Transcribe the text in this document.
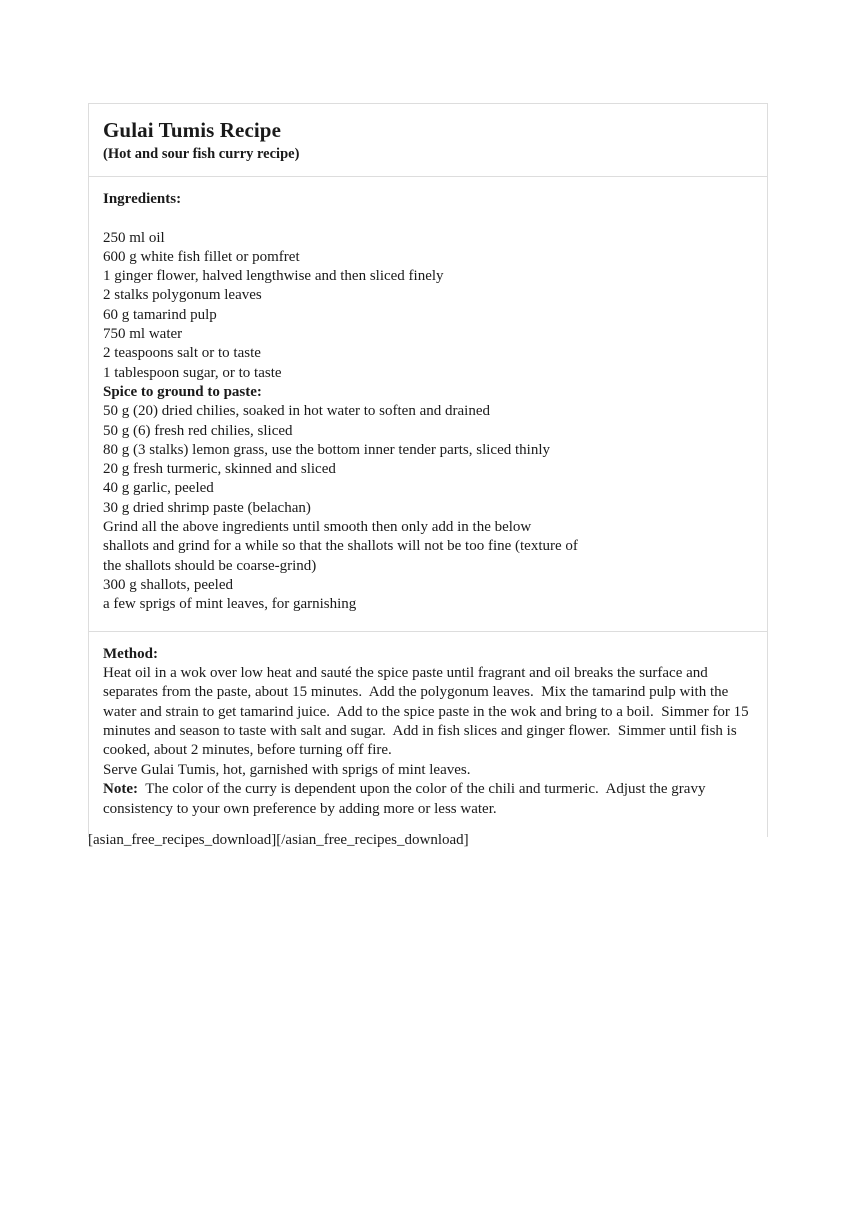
Gulai Tumis Recipe
(Hot and sour fish curry recipe)
Ingredients:
250 ml oil
600 g white fish fillet or pomfret
1 ginger flower, halved lengthwise and then sliced finely
2 stalks polygonum leaves
60 g tamarind pulp
750 ml water
2 teaspoons salt or to taste
1 tablespoon sugar, or to taste
Spice to ground to paste:
50 g (20) dried chilies, soaked in hot water to soften and drained
50 g (6) fresh red chilies, sliced
80 g (3 stalks) lemon grass, use the bottom inner tender parts, sliced thinly
20 g fresh turmeric, skinned and sliced
40 g garlic, peeled
30 g dried shrimp paste (belachan)
Grind all the above ingredients until smooth then only add in the below
shallots and grind for a while so that the shallots will not be too fine (texture of
the shallots should be coarse-grind)
300 g shallots, peeled
a few sprigs of mint leaves, for garnishing
Method:
Heat oil in a wok over low heat and sauté the spice paste until fragrant and oil breaks the surface and separates from the paste, about 15 minutes.  Add the polygonum leaves.  Mix the tamarind pulp with the water and strain to get tamarind juice.  Add to the spice paste in the wok and bring to a boil.  Simmer for 15 minutes and season to taste with salt and sugar.  Add in fish slices and ginger flower.  Simmer until fish is cooked, about 2 minutes, before turning off fire.
Serve Gulai Tumis, hot, garnished with sprigs of mint leaves.
Note:  The color of the curry is dependent upon the color of the chili and turmeric.  Adjust the gravy consistency to your own preference by adding more or less water.
[asian_free_recipes_download][/asian_free_recipes_download]
